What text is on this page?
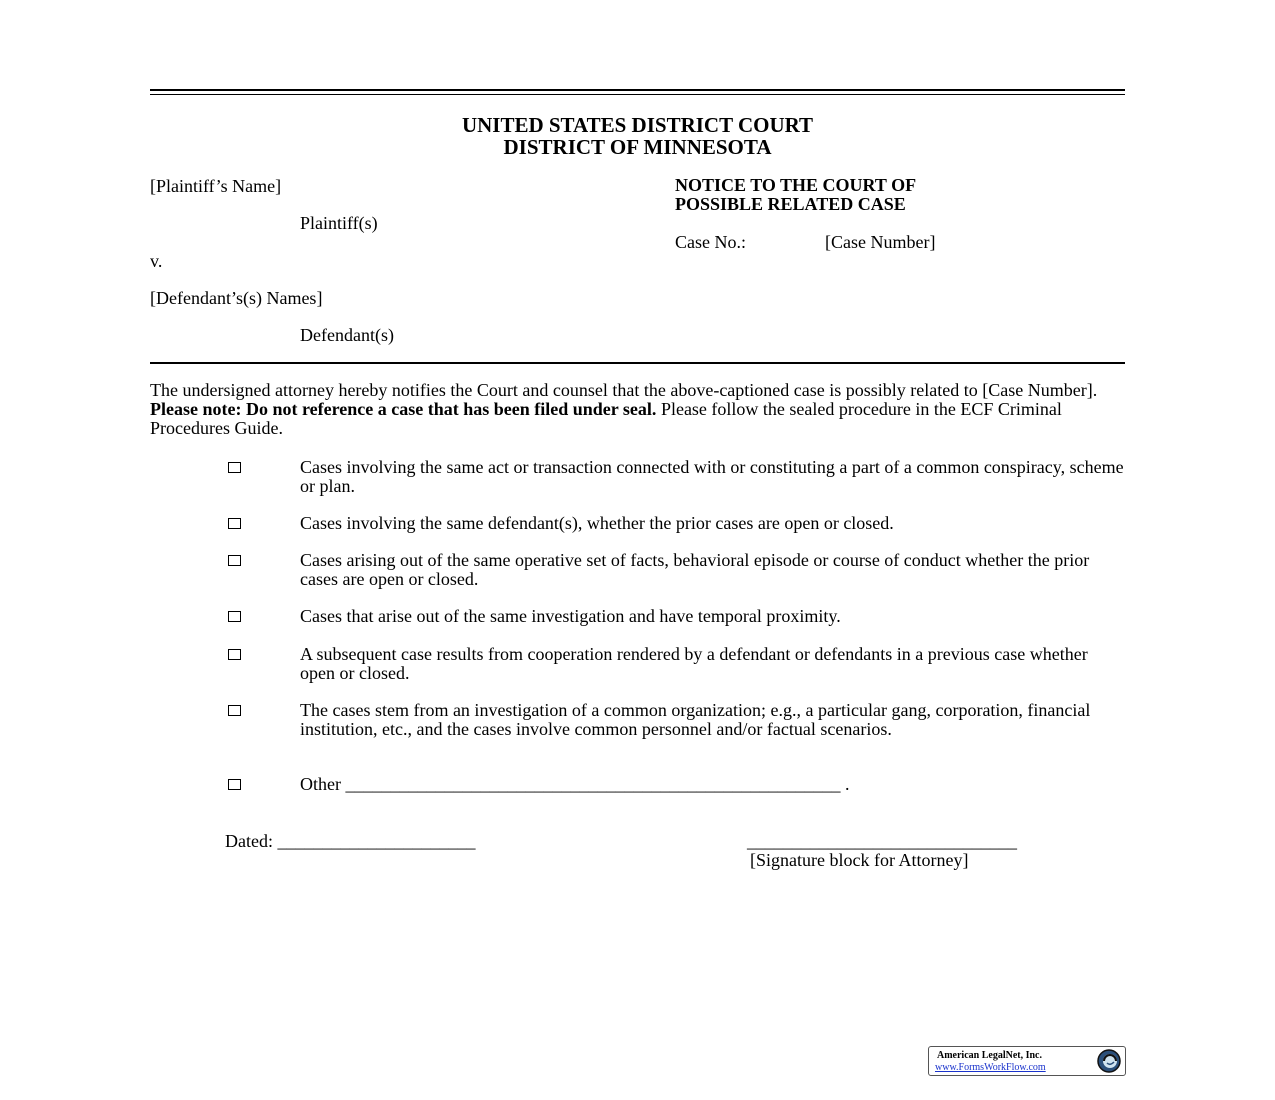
UNITED STATES DISTRICT COURT
DISTRICT OF MINNESOTA
[Plaintiff’s Name]
Plaintiff(s)
v.
[Defendant’s(s) Names]
Defendant(s)
NOTICE TO THE COURT OF
POSSIBLE RELATED CASE
Case No.:	[Case Number]
The undersigned attorney hereby notifies the Court and counsel that the above-captioned case is possibly related to [Case Number]. Please note: Do not reference a case that has been filed under seal. Please follow the sealed procedure in the ECF Criminal Procedures Guide.
Cases involving the same act or transaction connected with or constituting a part of a common conspiracy, scheme or plan.
Cases involving the same defendant(s), whether the prior cases are open or closed.
Cases arising out of the same operative set of facts, behavioral episode or course of conduct whether the prior cases are open or closed.
Cases that arise out of the same investigation and have temporal proximity.
A subsequent case results from cooperation rendered by a defendant or defendants in a previous case whether open or closed.
The cases stem from an investigation of a common organization; e.g., a particular gang, corporation, financial institution, etc., and the cases involve common personnel and/or factual scenarios.
Other _______________________________________________________ .
Dated: ______________________	______________________________
[Signature block for Attorney]
American LegalNet, Inc.
www.FormsWorkFlow.com
